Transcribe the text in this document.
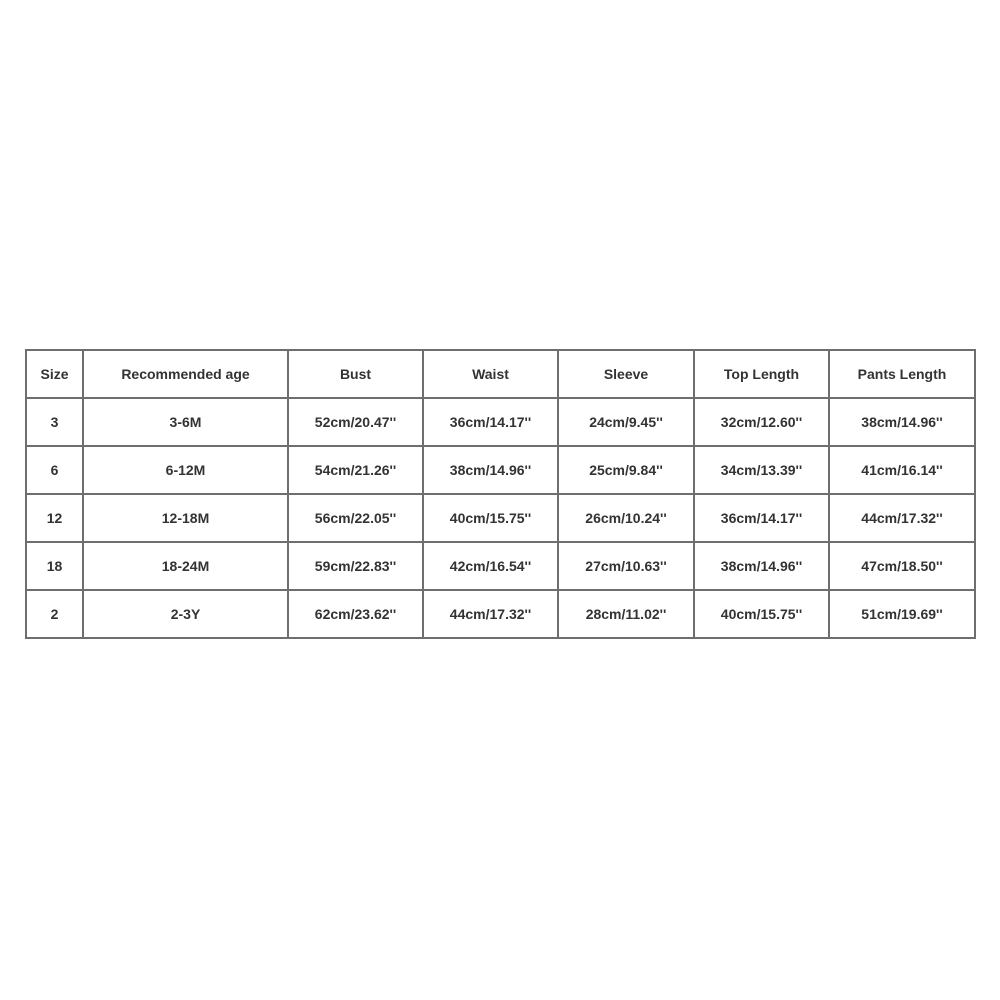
Size	Recommended age	Bust	Waist	Sleeve	Top Length	Pants Length
3	3-6M	52cm/20.47''	36cm/14.17''	24cm/9.45''	32cm/12.60''	38cm/14.96''
6	6-12M	54cm/21.26''	38cm/14.96''	25cm/9.84''	34cm/13.39''	41cm/16.14''
12	12-18M	56cm/22.05''	40cm/15.75''	26cm/10.24''	36cm/14.17''	44cm/17.32''
18	18-24M	59cm/22.83''	42cm/16.54''	27cm/10.63''	38cm/14.96''	47cm/18.50''
2	2-3Y	62cm/23.62''	44cm/17.32''	28cm/11.02''	40cm/15.75''	51cm/19.69''
